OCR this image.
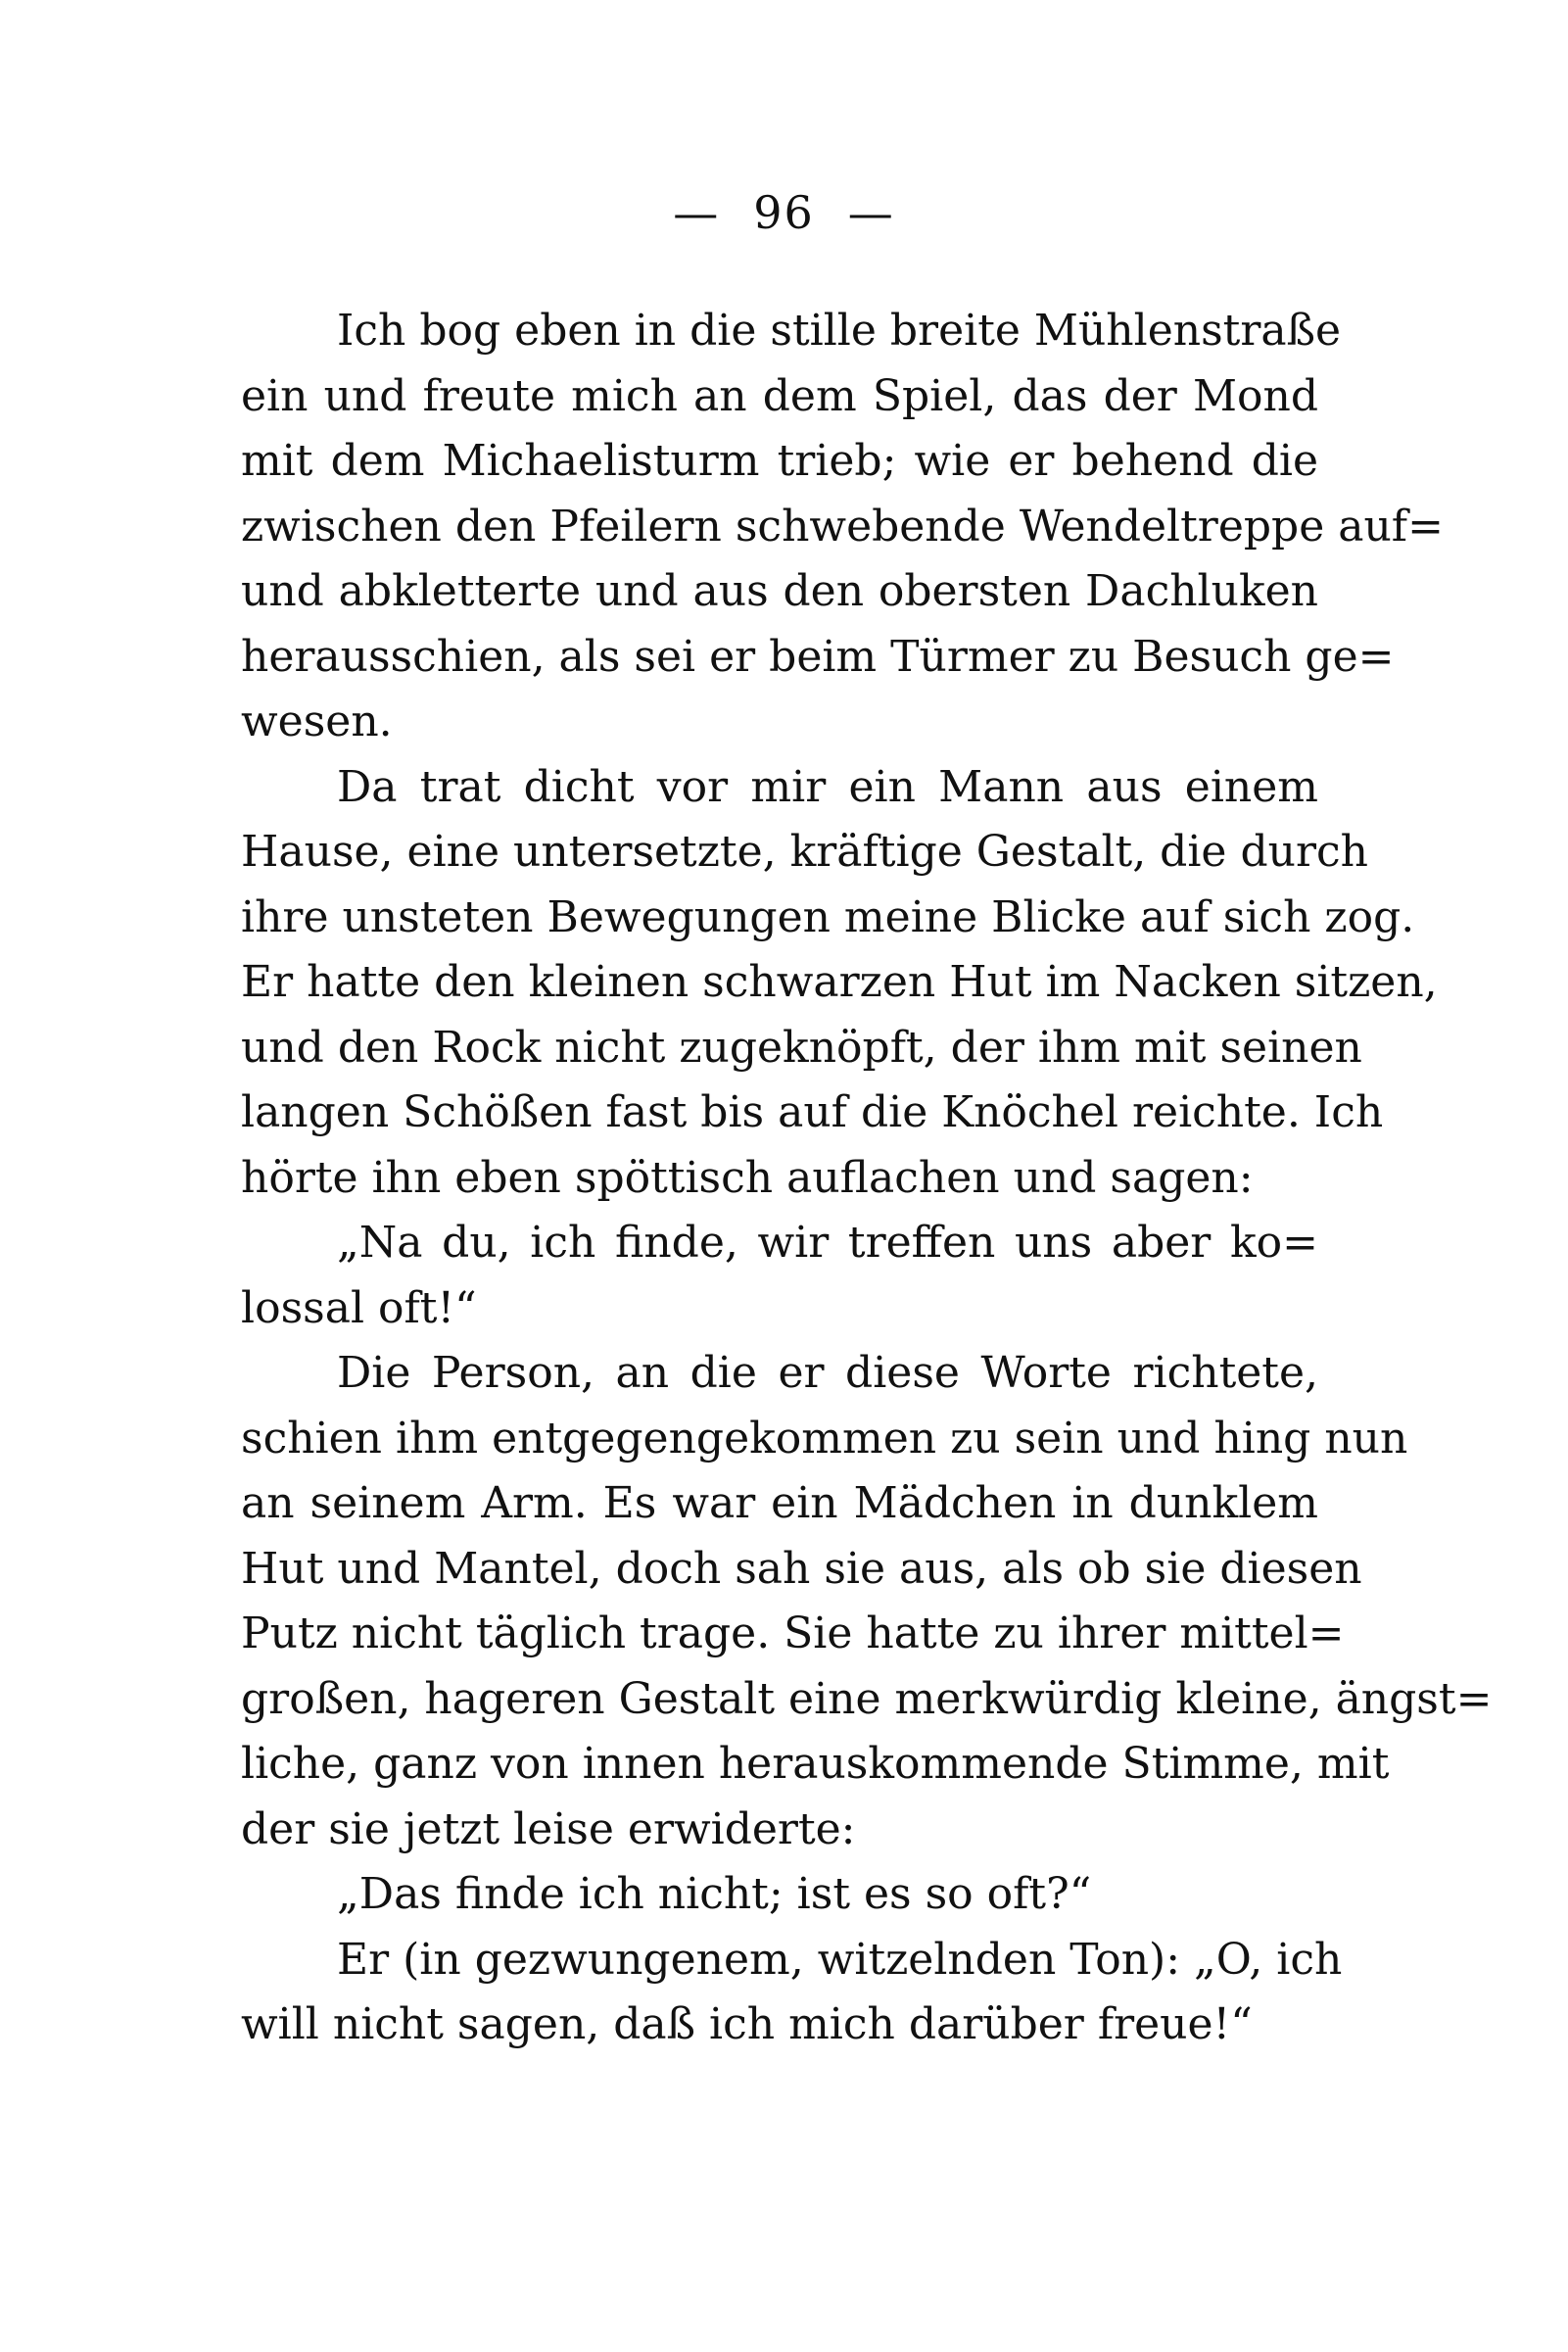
— 96 —
Ich bog eben in die stille breite Mühlenstraße
ein und freute mich an dem Spiel, das der Mond
mit dem Michaelisturm trieb; wie er behend die
zwischen den Pfeilern schwebende Wendeltreppe auf=
und abkletterte und aus den obersten Dachluken
herausschien, als sei er beim Türmer zu Besuch ge=
wesen.
Da trat dicht vor mir ein Mann aus einem
Hause, eine untersetzte, kräftige Gestalt, die durch
ihre unsteten Bewegungen meine Blicke auf sich zog.
Er hatte den kleinen schwarzen Hut im Nacken sitzen,
und den Rock nicht zugeknöpft, der ihm mit seinen
langen Schößen fast bis auf die Knöchel reichte. Ich
hörte ihn eben spöttisch auflachen und sagen:
„Na du, ich finde, wir treffen uns aber ko=
lossal oft!“
Die Person, an die er diese Worte richtete,
schien ihm entgegengekommen zu sein und hing nun
an seinem Arm. Es war ein Mädchen in dunklem
Hut und Mantel, doch sah sie aus, als ob sie diesen
Putz nicht täglich trage. Sie hatte zu ihrer mittel=
großen, hageren Gestalt eine merkwürdig kleine, ängst=
liche, ganz von innen herauskommende Stimme, mit
der sie jetzt leise erwiderte:
„Das finde ich nicht; ist es so oft?“
Er (in gezwungenem, witzelnden Ton): „O, ich
will nicht sagen, daß ich mich darüber freue!“
